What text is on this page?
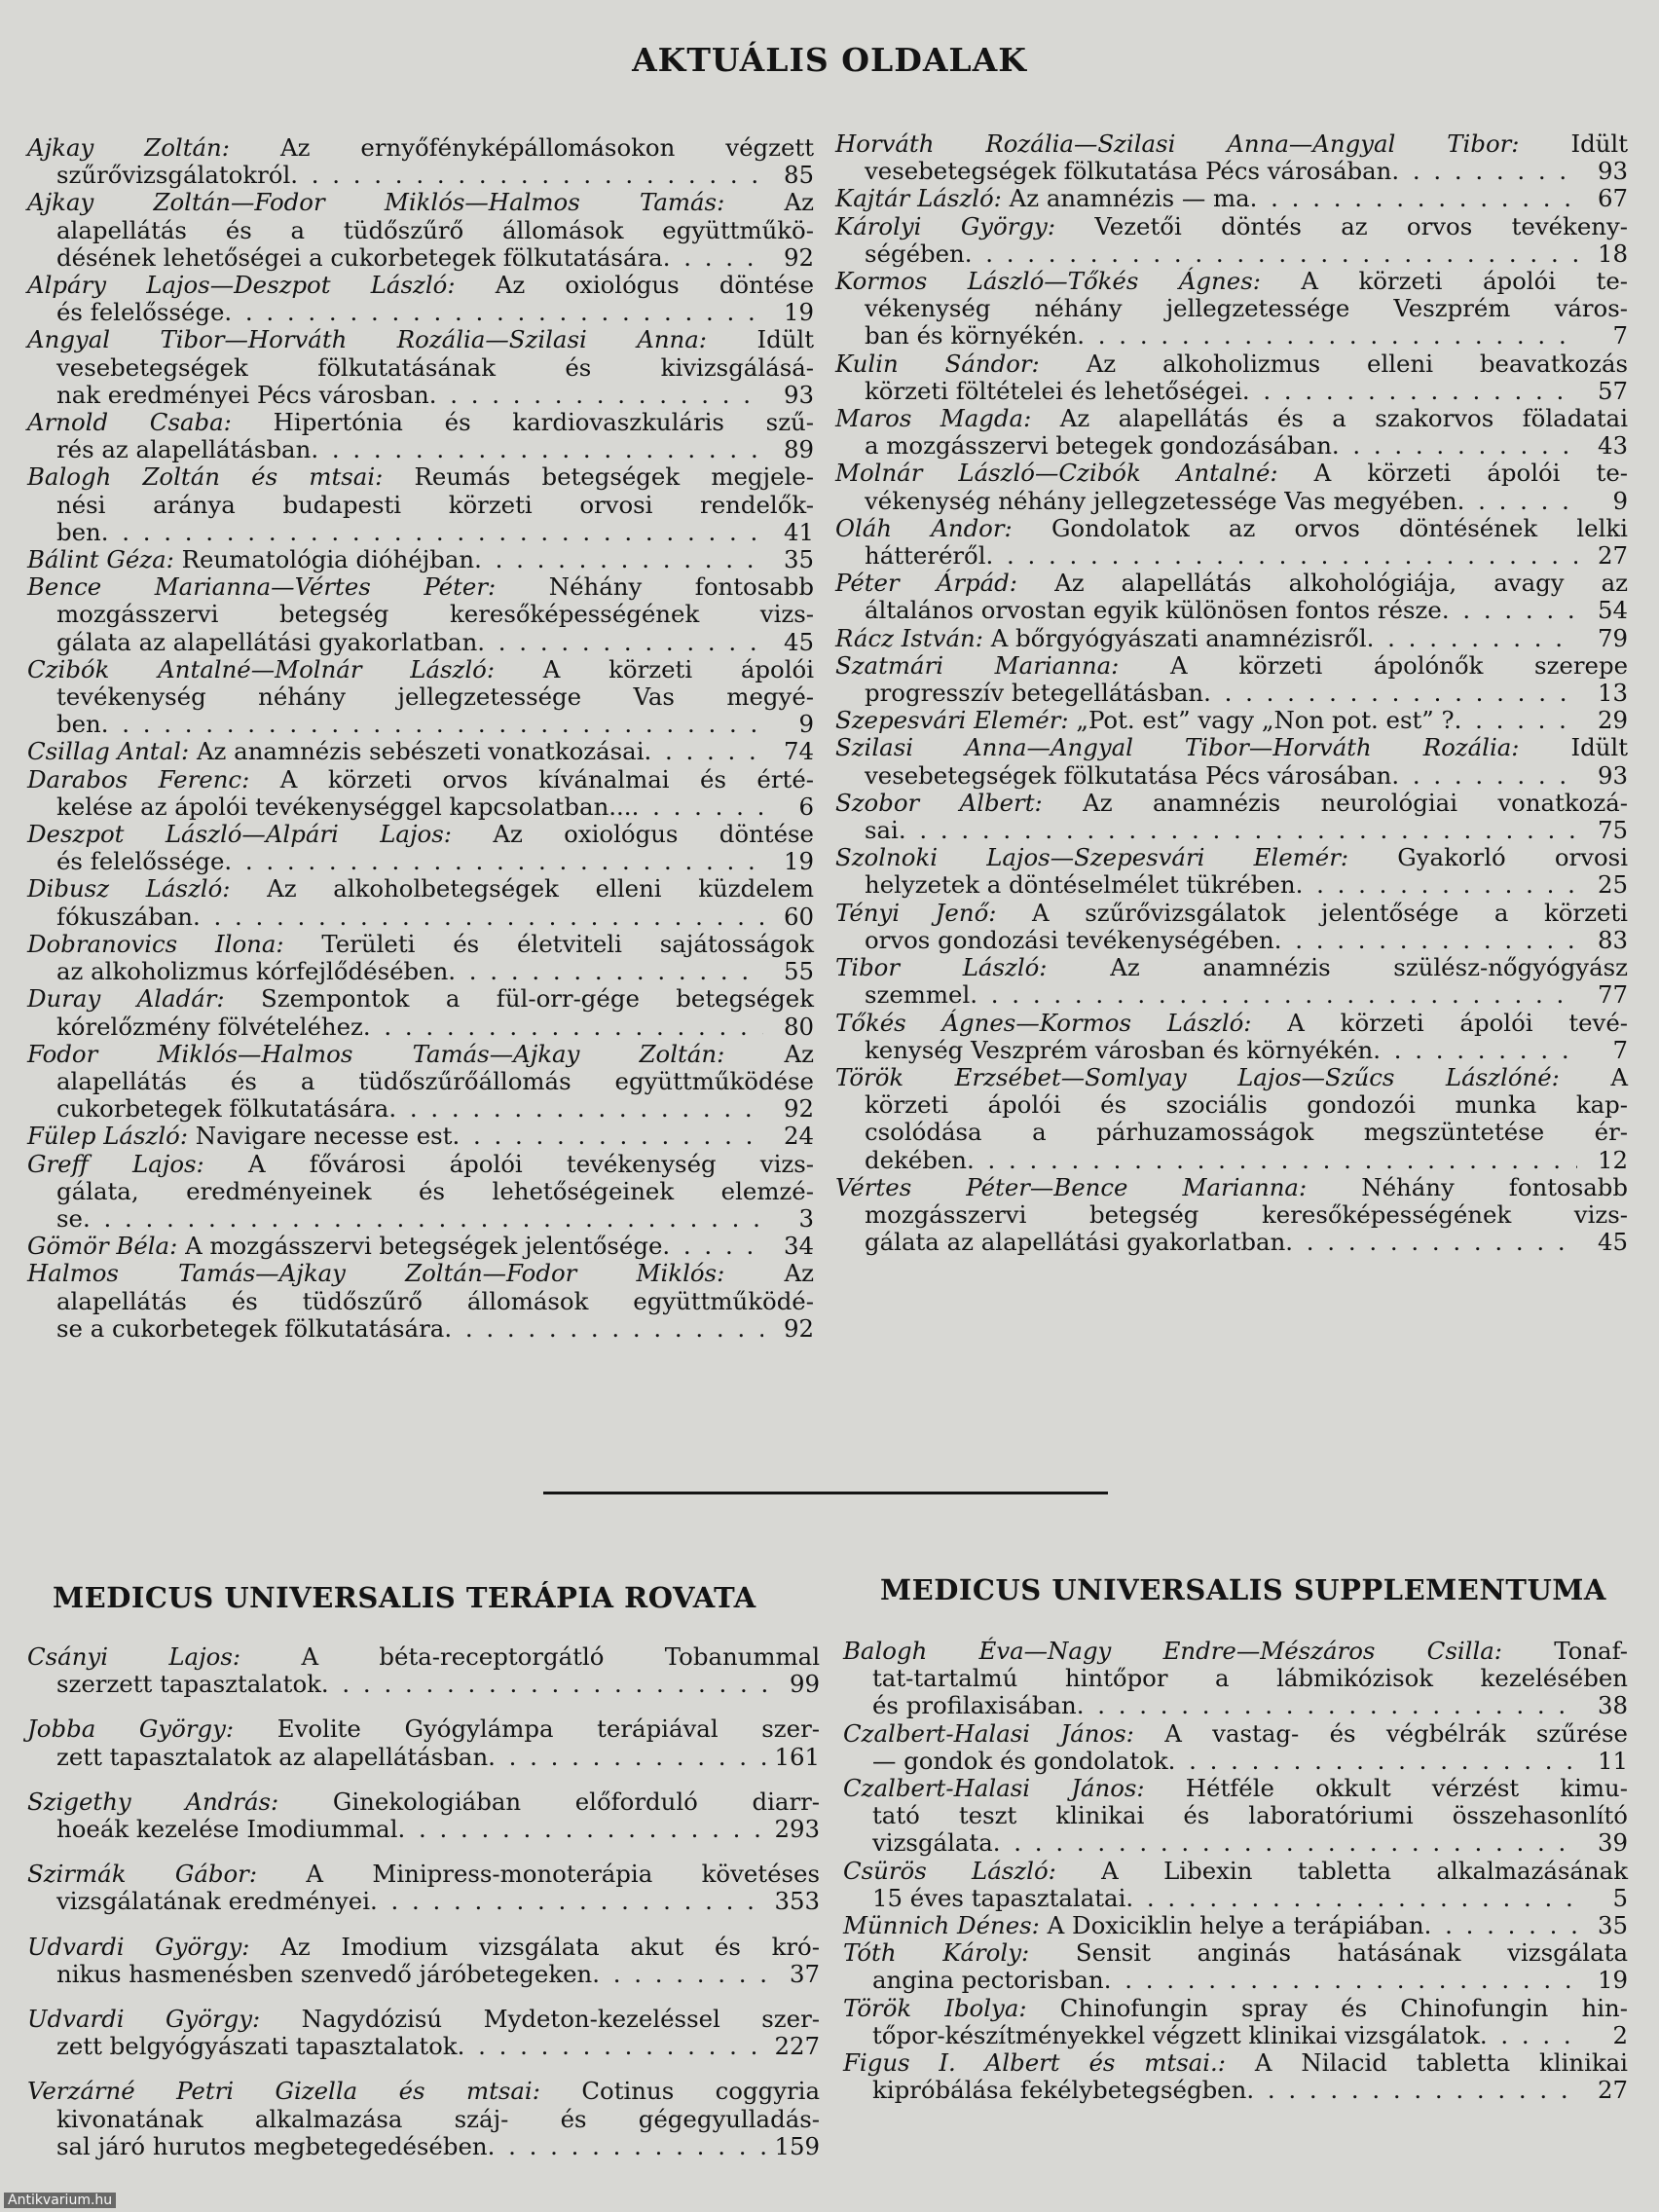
AKTUÁLIS OLDALAK
Ajkay Zoltán: Az ernyőfényképállomásokon végzett
szűrővizsgálatokról . . .	85
Ajkay Zoltán—Fodor Miklós—Halmos Tamás: Az
alapellátás és a tüdőszűrő állomások együttműkö-
désének lehetőségei a cukorbetegek fölkutatására . . .	92
Alpáry Lajos—Deszpot László: Az oxiológus döntése
és felelőssége . . .	19
Angyal Tibor—Horváth Rozália—Szilasi Anna: Idült
vesebetegségek fölkutatásának és kivizsgálásá-
nak eredményei Pécs városban . . .	93
Arnold Csaba: Hipertónia és kardiovaszkuláris szű-
rés az alapellátásban . . .	89
Balogh Zoltán és mtsai: Reumás betegségek megjele-
nési aránya budapesti körzeti orvosi rendelők-
ben . . .	41
Bálint Géza: Reumatológia dióhéjban . . .	35
Bence Marianna—Vértes Péter: Néhány fontosabb
mozgásszervi betegség keresőképességének vizs-
gálata az alapellátási gyakorlatban . . .	45
Czibók Antalné—Molnár László: A körzeti ápolói
tevékenység néhány jellegzetessége Vas megyé-
ben . . .	9
Csillag Antal: Az anamnézis sebészeti vonatkozásai . . .	74
Darabos Ferenc: A körzeti orvos kívánalmai és érté-
kelése az ápolói tevékenységgel kapcsolatban... . . .	6
Deszpot László—Alpári Lajos: Az oxiológus döntése
és felelőssége . . .	19
Dibusz László: Az alkoholbetegségek elleni küzdelem
fókuszában . . .	60
Dobranovics Ilona: Területi és életviteli sajátosságok
az alkoholizmus kórfejlődésében . . .	55
Duray Aladár: Szempontok a fül-orr-gége betegségek
kórelőzmény fölvételéhez . . .	80
Fodor Miklós—Halmos Tamás—Ajkay Zoltán: Az
alapellátás és a tüdőszűrőállomás együttműködése
cukorbetegek fölkutatására . . .	92
Fülep László: Navigare necesse est . . .	24
Greff Lajos: A fővárosi ápolói tevékenység vizs-
gálata, eredményeinek és lehetőségeinek elemzé-
se . . .	3
Gömör Béla: A mozgásszervi betegségek jelentősége . . .	34
Halmos Tamás—Ajkay Zoltán—Fodor Miklós: Az
alapellátás és tüdőszűrő állomások együttműködé-
se a cukorbetegek fölkutatására . . .	92
Horváth Rozália—Szilasi Anna—Angyal Tibor: Idült
vesebetegségek fölkutatása Pécs városában . . .	93
Kajtár László: Az anamnézis — ma . . .	67
Károlyi György: Vezetői döntés az orvos tevékeny-
ségében . . .	18
Kormos László—Tőkés Ágnes: A körzeti ápolói te-
vékenység néhány jellegzetessége Veszprém város-
ban és környékén . . .	7
Kulin Sándor: Az alkoholizmus elleni beavatkozás
körzeti föltételei és lehetőségei . . .	57
Maros Magda: Az alapellátás és a szakorvos föladatai
a mozgásszervi betegek gondozásában . . .	43
Molnár László—Czibók Antalné: A körzeti ápolói te-
vékenység néhány jellegzetessége Vas megyében . . .	9
Oláh Andor: Gondolatok az orvos döntésének lelki
hátteréről . . .	27
Péter Árpád: Az alapellátás alkohológiája, avagy az
általános orvostan egyik különösen fontos része . . .	54
Rácz István: A bőrgyógyászati anamnézisről . . .	79
Szatmári Marianna: A körzeti ápolónők szerepe
progresszív betegellátásban . . .	13
Szepesvári Elemér: „Pot. est” vagy „Non pot. est” ? . . .	29
Szilasi Anna—Angyal Tibor—Horváth Rozália: Idült
vesebetegségek fölkutatása Pécs városában . . .	93
Szobor Albert: Az anamnézis neurológiai vonatkozá-
sai . . .	75
Szolnoki Lajos—Szepesvári Elemér: Gyakorló orvosi
helyzetek a döntéselmélet tükrében . . .	25
Tényi Jenő: A szűrővizsgálatok jelentősége a körzeti
orvos gondozási tevékenységében . . .	83
Tibor László: Az anamnézis szülész-nőgyógyász
szemmel . . .	77
Tőkés Ágnes—Kormos László: A körzeti ápolói tevé-
kenység Veszprém városban és környékén . . .	7
Török Erzsébet—Somlyay Lajos—Szűcs Lászlóné: A
körzeti ápolói és szociális gondozói munka kap-
csolódása a párhuzamosságok megszüntetése ér-
dekében . . .	12
Vértes Péter—Bence Marianna: Néhány fontosabb
mozgásszervi betegség keresőképességének vizs-
gálata az alapellátási gyakorlatban . . .	45
MEDICUS UNIVERSALIS TERÁPIA ROVATA	MEDICUS UNIVERSALIS SUPPLEMENTUMA
Csányi Lajos: A béta-receptorgátló Tobanummal
szerzett tapasztalatok . . .	99
Jobba György: Evolite Gyógylámpa terápiával szer-
zett tapasztalatok az alapellátásban . . .	161
Szigethy András: Ginekologiában előforduló diarr-
hoeák kezelése Imodiummal . . .	293
Szirmák Gábor: A Minipress-monoterápia követéses
vizsgálatának eredményei . . .	353
Udvardi György: Az Imodium vizsgálata akut és kró-
nikus hasmenésben szenvedő járóbetegeken . . .	37
Udvardi György: Nagydózisú Mydeton-kezeléssel szer-
zett belgyógyászati tapasztalatok . . .	227
Verzárné Petri Gizella és mtsai: Cotinus coggyria
kivonatának alkalmazása száj- és gégegyulladás-
sal járó hurutos megbetegedésében . . .	159
Balogh Éva—Nagy Endre—Mészáros Csilla: Tonaf-
tat-tartalmú hintőpor a lábmikózisok kezelésében
és profilaxisában . . .	38
Czalbert-Halasi János: A vastag- és végbélrák szűrése
— gondok és gondolatok . . .	11
Czalbert-Halasi János: Hétféle okkult vérzést kimu-
tató teszt klinikai és laboratóriumi összehasonlító
vizsgálata . . .	39
Csürös László: A Libexin tabletta alkalmazásának
15 éves tapasztalatai . . .	5
Münnich Dénes: A Doxiciklin helye a terápiában . . .	35
Tóth Károly: Sensit anginás hatásának vizsgálata
angina pectorisban . . .	19
Török Ibolya: Chinofungin spray és Chinofungin hin-
tőpor-készítményekkel végzett klinikai vizsgálatok . . .	2
Figus I. Albert és mtsai.: A Nilacid tabletta klinikai
kipróbálása fekélybetegségben . . .	27
Antikvarium.hu
